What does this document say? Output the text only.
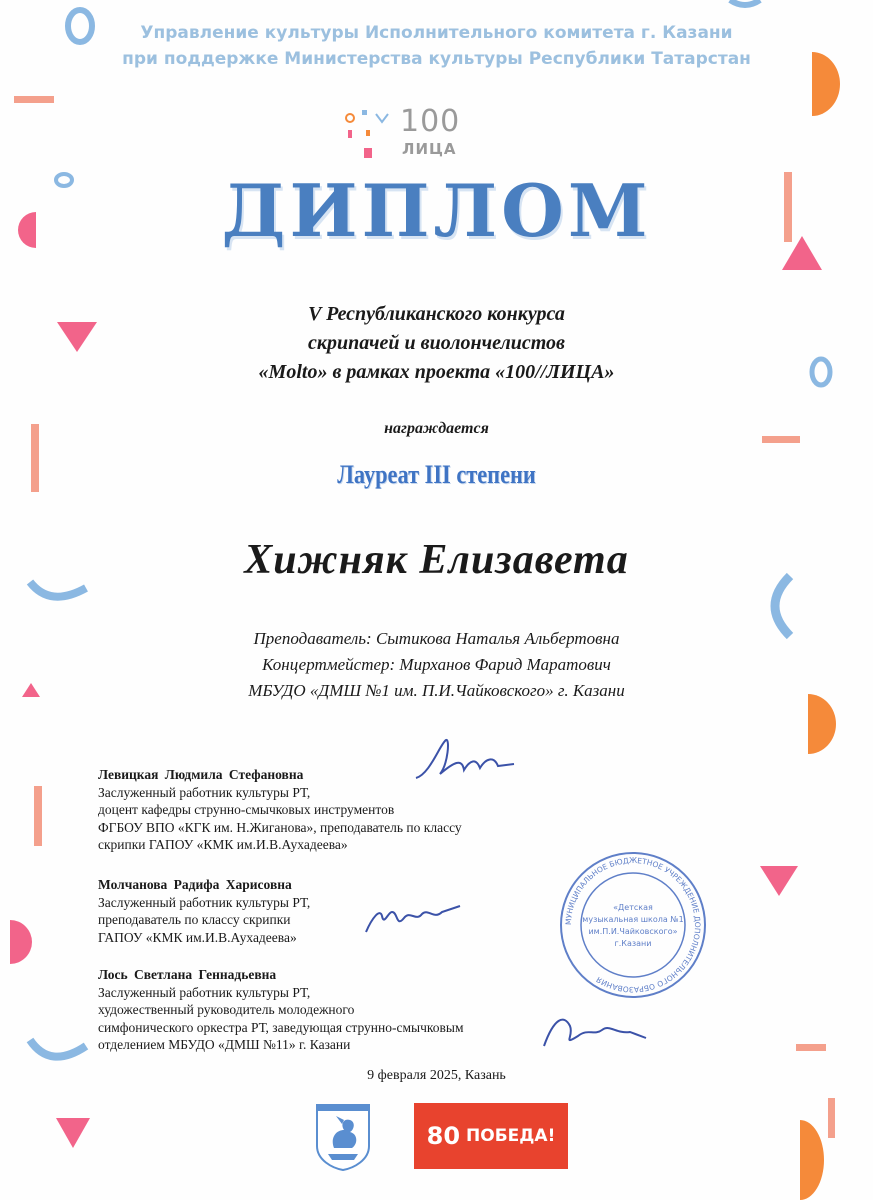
Управление культуры Исполнительного комитета г. Казани
при поддержке Министерства культуры Республики Татарстан
100
ЛИЦА
ДИПЛОМ
V Республиканского конкурса
скрипачей и виолончелистов
«Molto» в рамках проекта «100//ЛИЦА»
награждается
Лауреат III степени
Хижняк Елизавета
Преподаватель: Сытикова Наталья Альбертовна
Концертмейстер: Мирханов Фарид Маратович
МБУДО «ДМШ №1 им. П.И.Чайковского» г. Казани
Левицкая Людмила Стефановна
Заслуженный работник культуры РТ,
доцент кафедры струнно-смычковых инструментов
ФГБОУ ВПО «КГК им. Н.Жиганова», преподаватель по классу
скрипки ГАПОУ «КМК им.И.В.Аухадеева»
Молчанова Радифа Харисовна
Заслуженный работник культуры РТ,
преподаватель по классу скрипки
ГАПОУ «КМК им.И.В.Аухадеева»
Лось Светлана Геннадьевна
Заслуженный работник культуры РТ,
художественный руководитель молодежного
симфонического оркестра РТ, заведующая струнно-смычковым
отделением МБУДО «ДМШ №11» г. Казани
МУНИЦИПАЛЬНОЕ БЮДЖЕТНОЕ УЧРЕЖДЕНИЕ ДОПОЛНИТЕЛЬНОГО ОБРАЗОВАНИЯ
«Детская
музыкальная школа №1
им.П.И.Чайковского»
г.Казани
9 февраля 2025, Казань
80 ПОБЕДА!
